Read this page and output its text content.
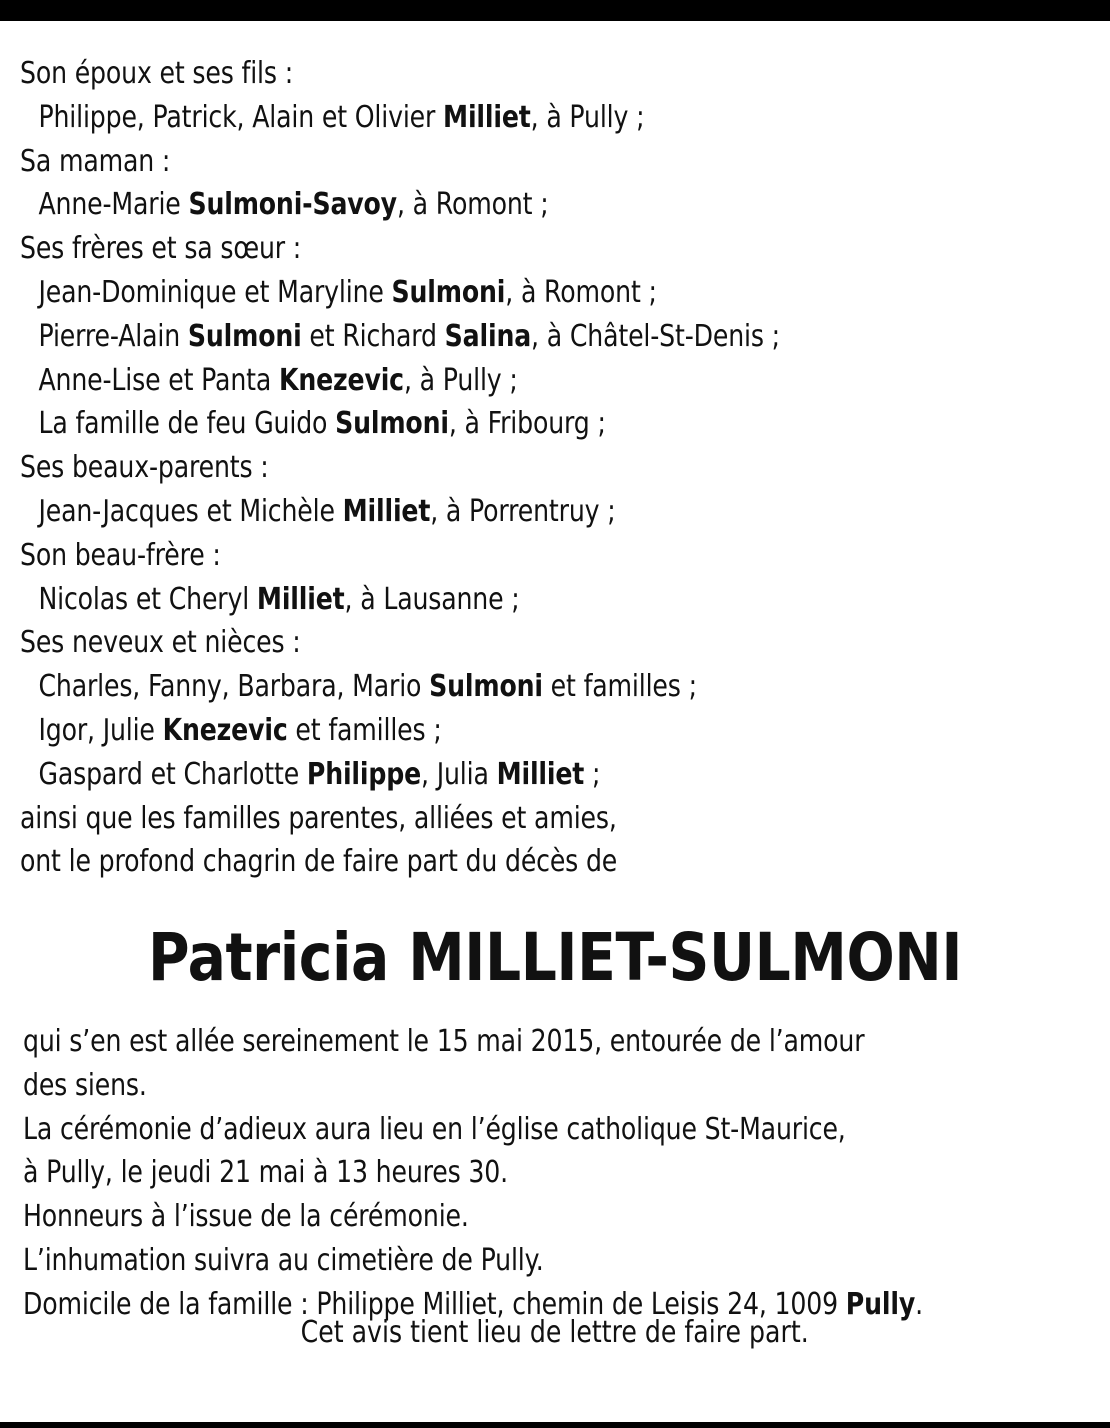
Son époux et ses fils :
Philippe, Patrick, Alain et Olivier Milliet, à Pully ;
Sa maman :
Anne-Marie Sulmoni-Savoy, à Romont ;
Ses frères et sa sœur :
Jean-Dominique et Maryline Sulmoni, à Romont ;
Pierre-Alain Sulmoni et Richard Salina, à Châtel-St-Denis ;
Anne-Lise et Panta Knezevic, à Pully ;
La famille de feu Guido Sulmoni, à Fribourg ;
Ses beaux-parents :
Jean-Jacques et Michèle Milliet, à Porrentruy ;
Son beau-frère :
Nicolas et Cheryl Milliet, à Lausanne ;
Ses neveux et nièces :
Charles, Fanny, Barbara, Mario Sulmoni et familles ;
Igor, Julie Knezevic et familles ;
Gaspard et Charlotte Philippe, Julia Milliet ;
ainsi que les familles parentes, alliées et amies,
ont le profond chagrin de faire part du décès de
Patricia MILLIET-SULMONI
qui s’en est allée sereinement le 15 mai 2015, entourée de l’amour
des siens.
La cérémonie d’adieux aura lieu en l’église catholique St-Maurice,
à Pully, le jeudi 21 mai à 13 heures 30.
Honneurs à l’issue de la cérémonie.
L’inhumation suivra au cimetière de Pully.
Domicile de la famille : Philippe Milliet, chemin de Leisis 24, 1009 Pully.
Cet avis tient lieu de lettre de faire part.
